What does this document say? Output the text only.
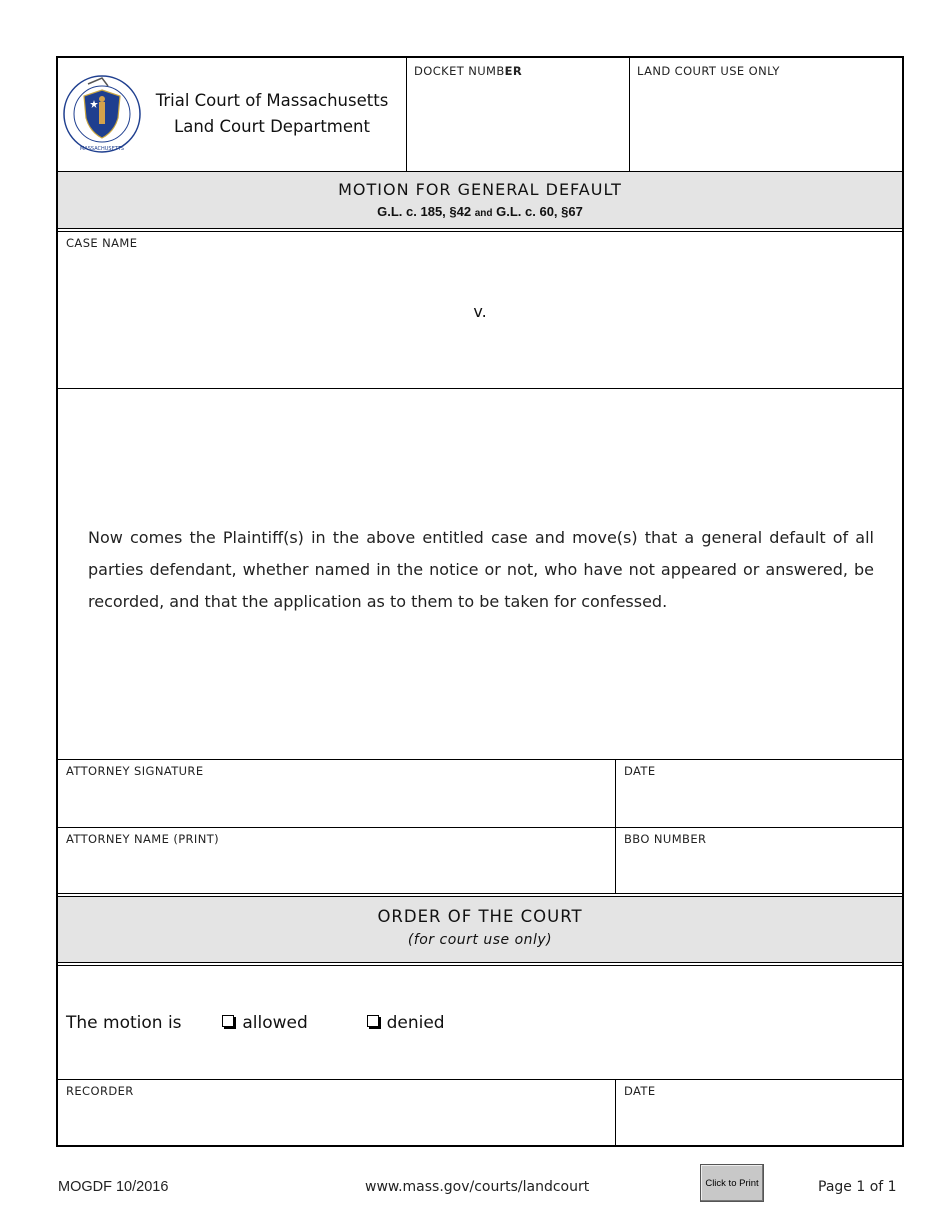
MASSACHUSETTS
Trial Court of Massachusetts
Land Court Department
DOCKET NUMBER	LAND COURT USE ONLY
MOTION FOR GENERAL DEFAULT
G.L. c. 185, §42 and G.L. c. 60, §67
CASE NAME
v.
Now comes the Plaintiff(s) in the above entitled case and move(s) that a general default of all parties defendant, whether named in the notice or not, who have not appeared or answered, be recorded, and that the application as to them to be taken for confessed.
ATTORNEY SIGNATURE	DATE
ATTORNEY NAME (PRINT)	BBO NUMBER
ORDER OF THE COURT
(for court use only)
The motion is	allowed	denied
RECORDER	DATE
MOGDF 10/2016	www.mass.gov/courts/landcourt	Click to Print	Page 1 of 1
